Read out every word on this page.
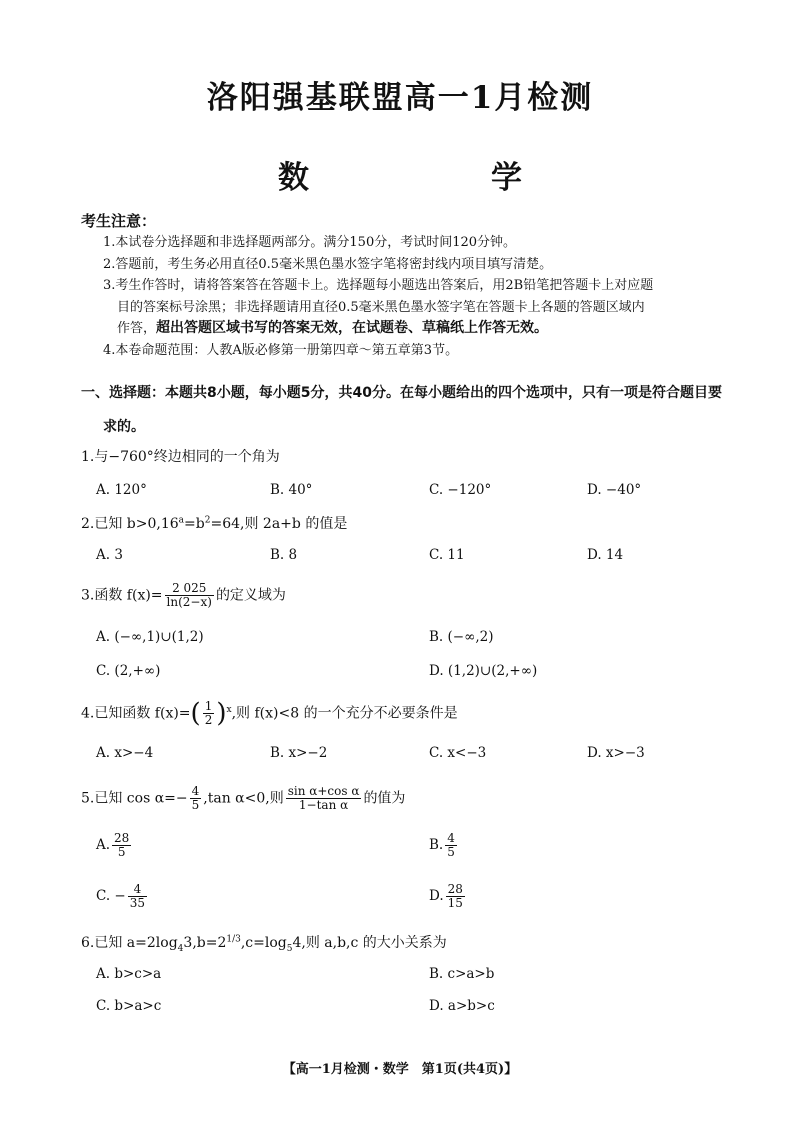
洛阳强基联盟高一1月检测
数　　学
考生注意：
1.本试卷分选择题和非选择题两部分。满分150分，考试时间120分钟。
2.答题前，考生务必用直径0.5毫米黑色墨水签字笔将密封线内项目填写清楚。
3.考生作答时，请将答案答在答题卡上。选择题每小题选出答案后，用2B铅笔把答题卡上对应题
目的答案标号涂黑；非选择题请用直径0.5毫米黑色墨水签字笔在答题卡上各题的答题区域内
作答，超出答题区域书写的答案无效，在试题卷、草稿纸上作答无效。
4.本卷命题范围：人教A版必修第一册第四章～第五章第3节。
一、选择题：本题共8小题，每小题5分，共40分。在每小题给出的四个选项中，只有一项是符合题目要
求的。
1.与−760°终边相同的一个角为
A. 120°	B. 40°	C. −120°	D. −40°
2.已知 $b>0,16^a=b^2=64$,则 2a+b 的值是
A. 3	B. 8	C. 11	D. 14
3.函数 $f(x)= \frac{2 025}{\ln(2-x)}$ 的定义域为
A. (−∞,1)∪(1,2)	B. (−∞,2)
C. (2,+∞)	D. (1,2)∪(2,+∞)
4.已知函数 $f(x)=( \frac{1}{2} )^x$,则 f(x)<8 的一个充分不必要条件是
A. x>−4	B. x>−2	C. x<−3	D. x>−3
5.已知 $\cos \alpha=- \frac{4}{5} ,\tan$ α<0,则 $\frac{\text{sin α+cos α}}{\text{1−tan α}}$ 的值为
A. $\frac{28}{5}$	B. $\frac{4}{5}$
C. − $\frac{4}{35}$	D. $\frac{28}{15}$
6.已知 $a=2\log_43,b=2^{1/3},c=\log_54$,则 a,b,c 的大小关系为
A. b>c>a	B. c>a>b
C. b>a>c	D. a>b>c
【高一1月检测・数学　第1页(共4页)】
